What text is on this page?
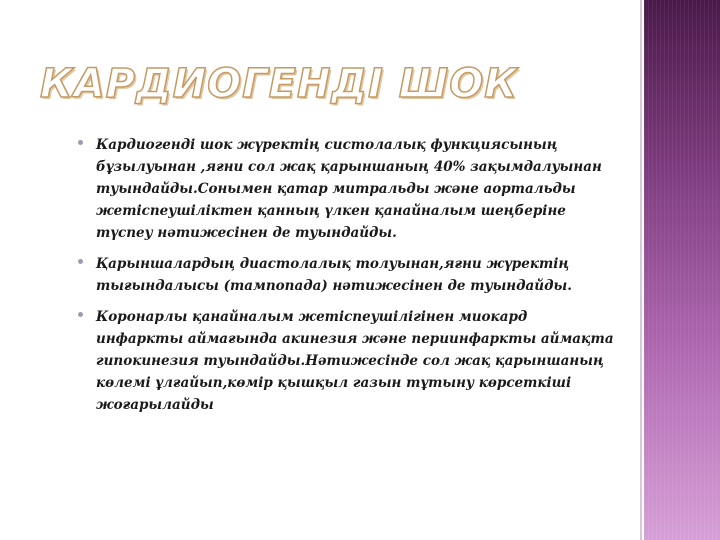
КАРДИОГЕНДІ ШОК
Кардиогенді шок жүректің систолалық функциясының бұзылуынан ,яғни сол жақ қарыншаның 40% зақымдалуынан туындайды.Сонымен қатар митральды және аортальды жетіспеушіліктен қанның үлкен қанайналым шеңберіне түспеу нәтижесінен де туындайды.
Қарыншалардың диастолалық толуынан,яғни жүректің тығындалысы (тампопада) нәтижесінен де туындайды.
Коронарлы қанайналым жетіспеушілігінен миокард инфаркты аймағында акинезия және периинфаркты аймақта гипокинезия туындайды.Нәтижесінде сол жақ қарыншаның көлемі ұлғайып,көмір қышқыл газын тұтыну көрсеткіші жоғарылайды
